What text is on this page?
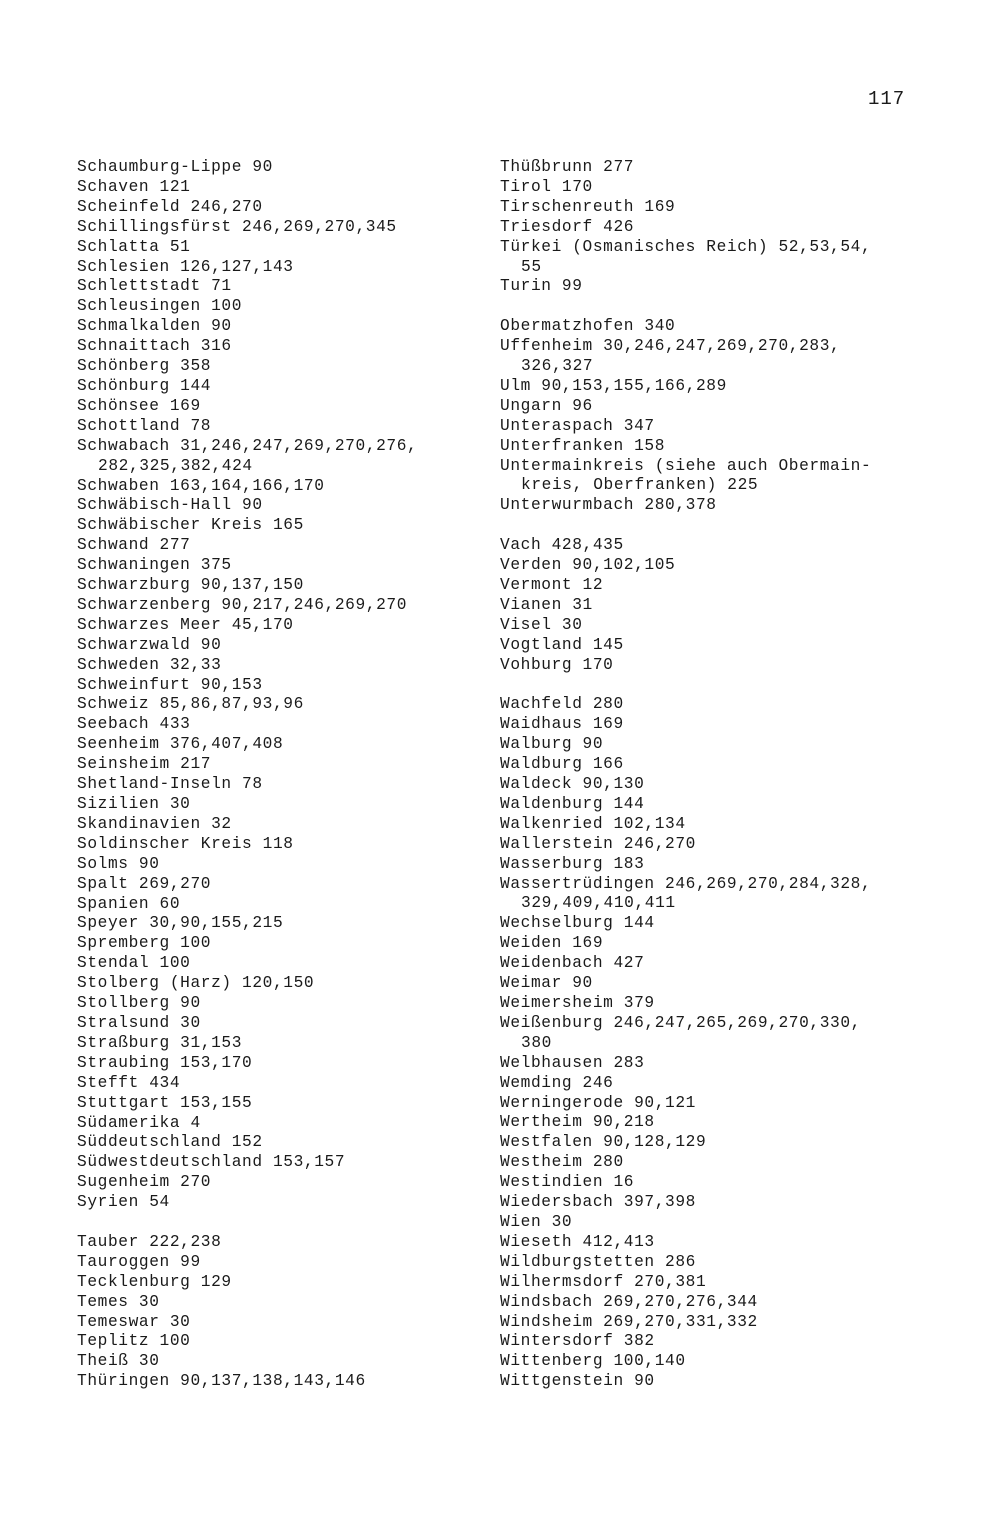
117
Schaumburg-Lippe 90
Schaven 121
Scheinfeld 246,270
Schillingsfürst 246,269,270,345
Schlatta 51
Schlesien 126,127,143
Schlettstadt 71
Schleusingen 100
Schmalkalden 90
Schnaittach 316
Schönberg 358
Schönburg 144
Schönsee 169
Schottland 78
Schwabach 31,246,247,269,270,276,
282,325,382,424
Schwaben 163,164,166,170
Schwäbisch-Hall 90
Schwäbischer Kreis 165
Schwand 277
Schwaningen 375
Schwarzburg 90,137,150
Schwarzenberg 90,217,246,269,270
Schwarzes Meer 45,170
Schwarzwald 90
Schweden 32,33
Schweinfurt 90,153
Schweiz 85,86,87,93,96
Seebach 433
Seenheim 376,407,408
Seinsheim 217
Shetland-Inseln 78
Sizilien 30
Skandinavien 32
Soldinscher Kreis 118
Solms 90
Spalt 269,270
Spanien 60
Speyer 30,90,155,215
Spremberg 100
Stendal 100
Stolberg (Harz) 120,150
Stollberg 90
Stralsund 30
Straßburg 31,153
Straubing 153,170
Stefft 434
Stuttgart 153,155
Südamerika 4
Süddeutschland 152
Südwestdeutschland 153,157
Sugenheim 270
Syrien 54
Tauber 222,238
Tauroggen 99
Tecklenburg 129
Temes 30
Temeswar 30
Teplitz 100
Theiß 30
Thüringen 90,137,138,143,146
Thüßbrunn 277
Tirol 170
Tirschenreuth 169
Triesdorf 426
Türkei (Osmanisches Reich) 52,53,54,
55
Turin 99
Obermatzhofen 340
Uffenheim 30,246,247,269,270,283,
326,327
Ulm 90,153,155,166,289
Ungarn 96
Unteraspach 347
Unterfranken 158
Untermainkreis (siehe auch Obermain-
kreis, Oberfranken) 225
Unterwurmbach 280,378
Vach 428,435
Verden 90,102,105
Vermont 12
Vianen 31
Visel 30
Vogtland 145
Vohburg 170
Wachfeld 280
Waidhaus 169
Walburg 90
Waldburg 166
Waldeck 90,130
Waldenburg 144
Walkenried 102,134
Wallerstein 246,270
Wasserburg 183
Wassertrüdingen 246,269,270,284,328,
329,409,410,411
Wechselburg 144
Weiden 169
Weidenbach 427
Weimar 90
Weimersheim 379
Weißenburg 246,247,265,269,270,330,
380
Welbhausen 283
Wemding 246
Werningerode 90,121
Wertheim 90,218
Westfalen 90,128,129
Westheim 280
Westindien 16
Wiedersbach 397,398
Wien 30
Wieseth 412,413
Wildburgstetten 286
Wilhermsdorf 270,381
Windsbach 269,270,276,344
Windsheim 269,270,331,332
Wintersdorf 382
Wittenberg 100,140
Wittgenstein 90
